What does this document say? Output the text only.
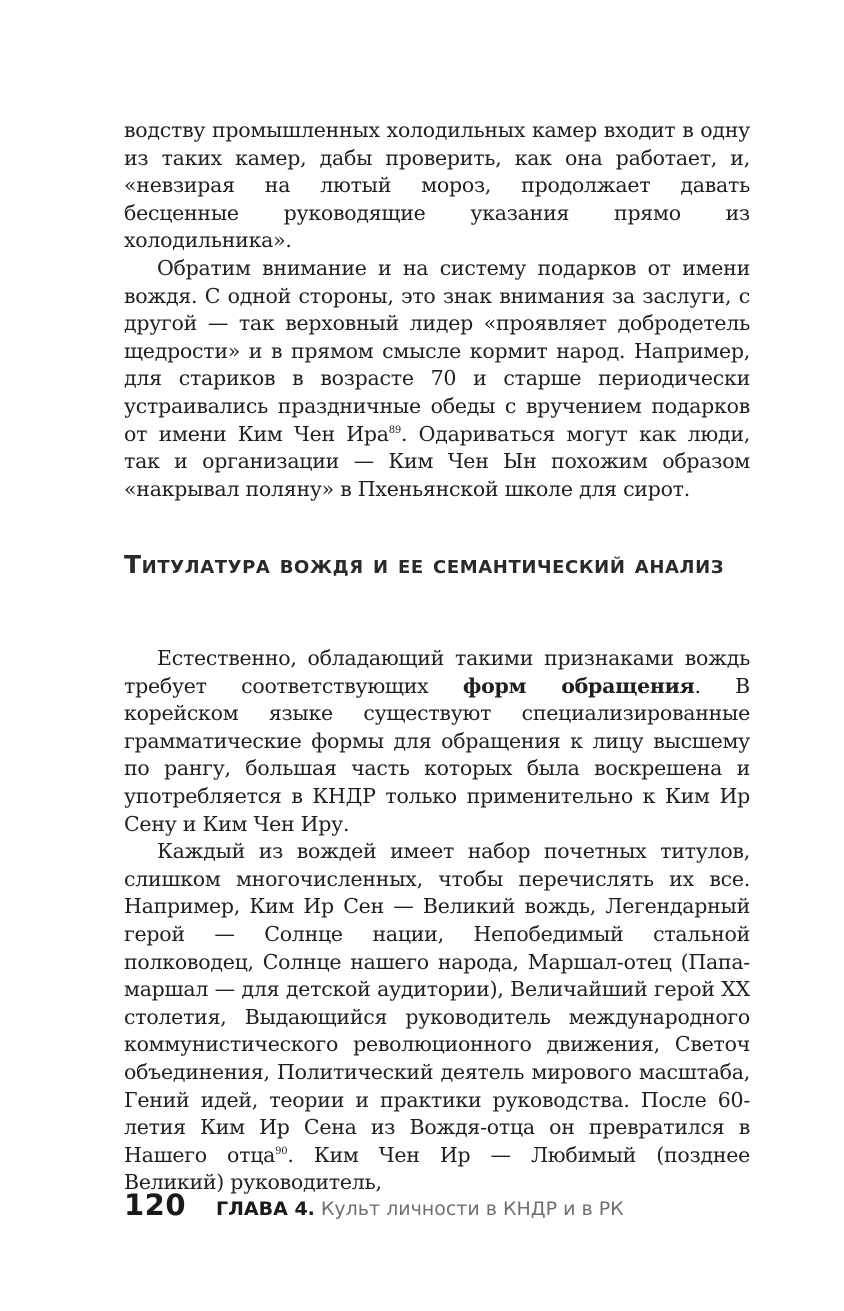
водству промышленных холодильных камер входит в одну из таких камер, дабы проверить, как она работает, и, «невзирая на лютый мороз, продолжает давать бесценные руководящие указания прямо из холодильника».

Обратим внимание и на систему подарков от имени вождя. С одной стороны, это знак внимания за заслуги, с другой — так верховный лидер «проявляет добродетель щедрости» и в прямом смысле кормит народ. Например, для стариков в возрасте 70 и старше периодически устраивались праздничные обеды с вручением подарков от имени Ким Чен Ира$^{89}$. Одариваться могут как люди, так и организации — Ким Чен Ын похожим образом «накрывал поляну» в Пхеньянской школе для сирот.

Титулатура вождя и ее семантический анализ

Естественно, обладающий такими признаками вождь требует соответствующих форм обращения. В корейском языке существуют специализированные грамматические формы для обращения к лицу высшему по рангу, большая часть которых была воскрешена и употребляется в КНДР только применительно к Ким Ир Сену и Ким Чен Иру.

Каждый из вождей имеет набор почетных титулов, слишком многочисленных, чтобы перечислять их все. Например, Ким Ир Сен — Великий вождь, Легендарный герой — Солнце нации, Непобедимый стальной полководец, Солнце нашего народа, Маршал-отец (Папа-маршал — для детской аудитории), Величайший герой XX столетия, Выдающийся руководитель международного коммунистического революционного движения, Светоч объединения, Политический деятель мирового масштаба, Гений идей, теории и практики руководства. После 60-летия Ким Ир Сена из Вождя-отца он превратился в Нашего отца$^{90}$. Ким Чен Ир — Любимый (позднее Великий) руководитель,

120 ГЛАВА 4. Культ личности в КНДР и в РК
